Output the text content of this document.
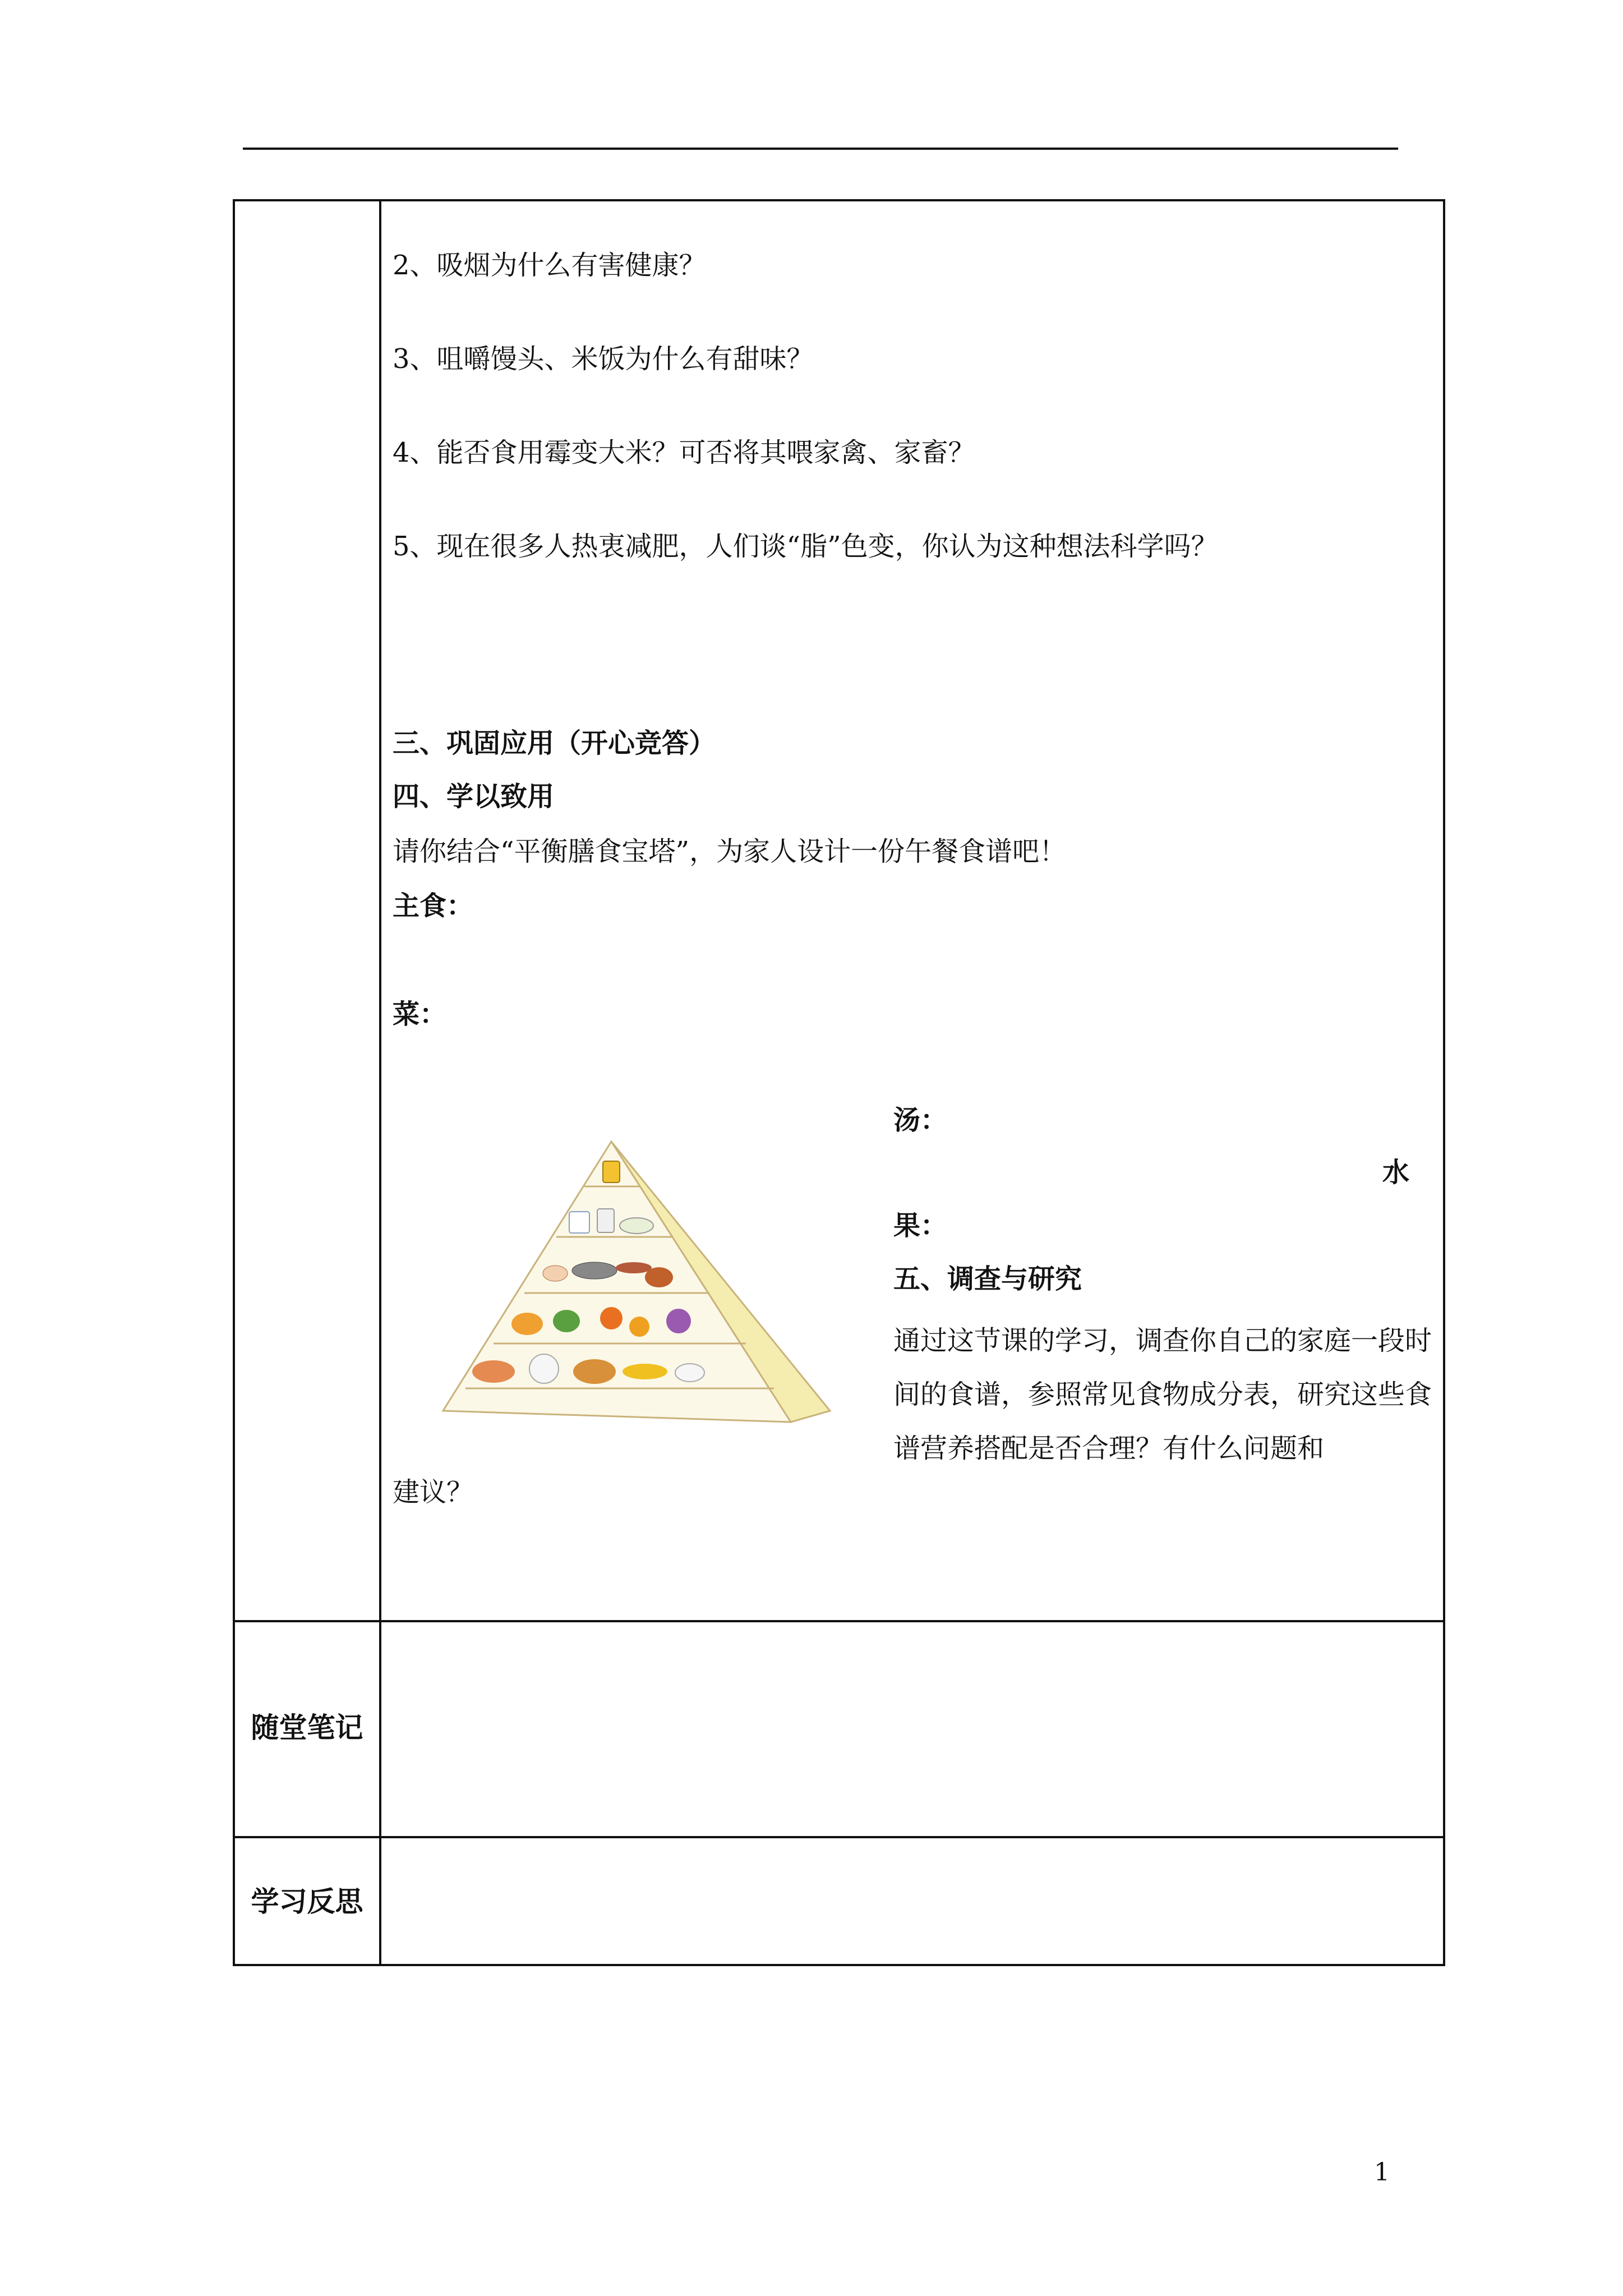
2、吸烟为什么有害健康？
3、咀嚼馒头、米饭为什么有甜味？
4、能否食用霉变大米？可否将其喂家禽、家畜？
5、现在很多人热衷减肥，人们谈“脂”色变，你认为这种想法科学吗？
三、巩固应用（开心竞答）
四、学以致用
请你结合“平衡膳食宝塔”，为家人设计一份午餐食谱吧！
主食：
菜：
汤：
水
果：
五、调查与研究
通过这节课的学习，调查你自己的家庭一段时间的食谱，参照常见食物成分表，研究这些食谱营养搭配是否合理？有什么问题和
建议？
随堂笔记
学习反思
1
